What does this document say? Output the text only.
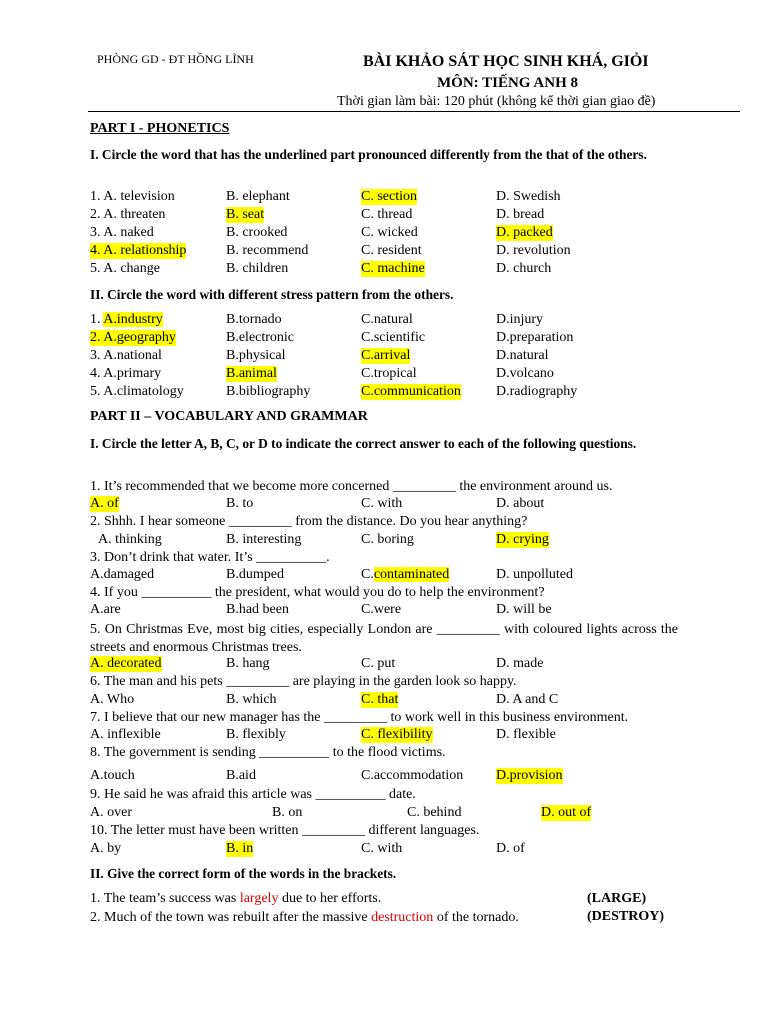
PHÒNG GD - ĐT HỒNG LĨNH	BÀI KHẢO SÁT HỌC SINH KHÁ, GIỎI
MÔN: TIẾNG ANH 8
Thời gian làm bài: 120 phút (không kể thời gian giao đề)
PART I - PHONETICS
I. Circle the word that has the underlined part pronounced differently from the that of the others.
1. A. television	B. elephant	C. section	D. Swedish
2. A. threaten	B. seat	C. thread	D. bread
3. A. naked	B. crooked	C. wicked	D. packed
4. A. relationship	B. recommend	C. resident	D. revolution
5. A. change	B. children	C. machine	D. church
II. Circle the word with different stress pattern from the others.
1. A.industry	B.tornado	C.natural	D.injury
2. A.geography	B.electronic	C.scientific	D.preparation
3. A.national	B.physical	C.arrival	D.natural
4. A.primary	B.animal	C.tropical	D.volcano
5. A.climatology	B.bibliography	C.communication	D.radiography
PART II – VOCABULARY AND GRAMMAR
I. Circle the letter A, B, C, or D to indicate the correct answer to each of the following questions.
1. It’s recommended that we become more concerned _________ the environment around us.
A. of	B. to	C. with	D. about
2. Shhh. I hear someone _________ from the distance. Do you hear anything?
A. thinking	B. interesting	C. boring	D. crying
3. Don’t drink that water. It’s __________.
A.damaged	B.dumped	C.contaminated	D. unpolluted
4. If you __________ the president, what would you do to help the environment?
A.are	B.had been	C.were	D. will be
5. On Christmas Eve, most big cities, especially London are _________ with coloured lights across the streets and enormous Christmas trees.
A. decorated	B. hang	C. put	D. made
6. The man and his pets _________ are playing in the garden look so happy.
A. Who	B. which	C. that	D. A and C
7. I believe that our new manager has the _________ to work well in this business environment.
A. inflexible	B. flexibly	C. flexibility	D. flexible
8. The government is sending __________ to the flood victims.
A.touch	B.aid	C.accommodation D.provision
9. He said he was afraid this article was __________ date.
A. over	B. on	C. behind	D. out of
10. The letter must have been written _________ different languages.
A. by	B. in	C. with	D. of
II. Give the correct form of the words in the brackets.
1. The team’s success was largely due to her efforts.	(LARGE)
2. Much of the town was rebuilt after the massive destruction of the tornado.	(DESTROY)
